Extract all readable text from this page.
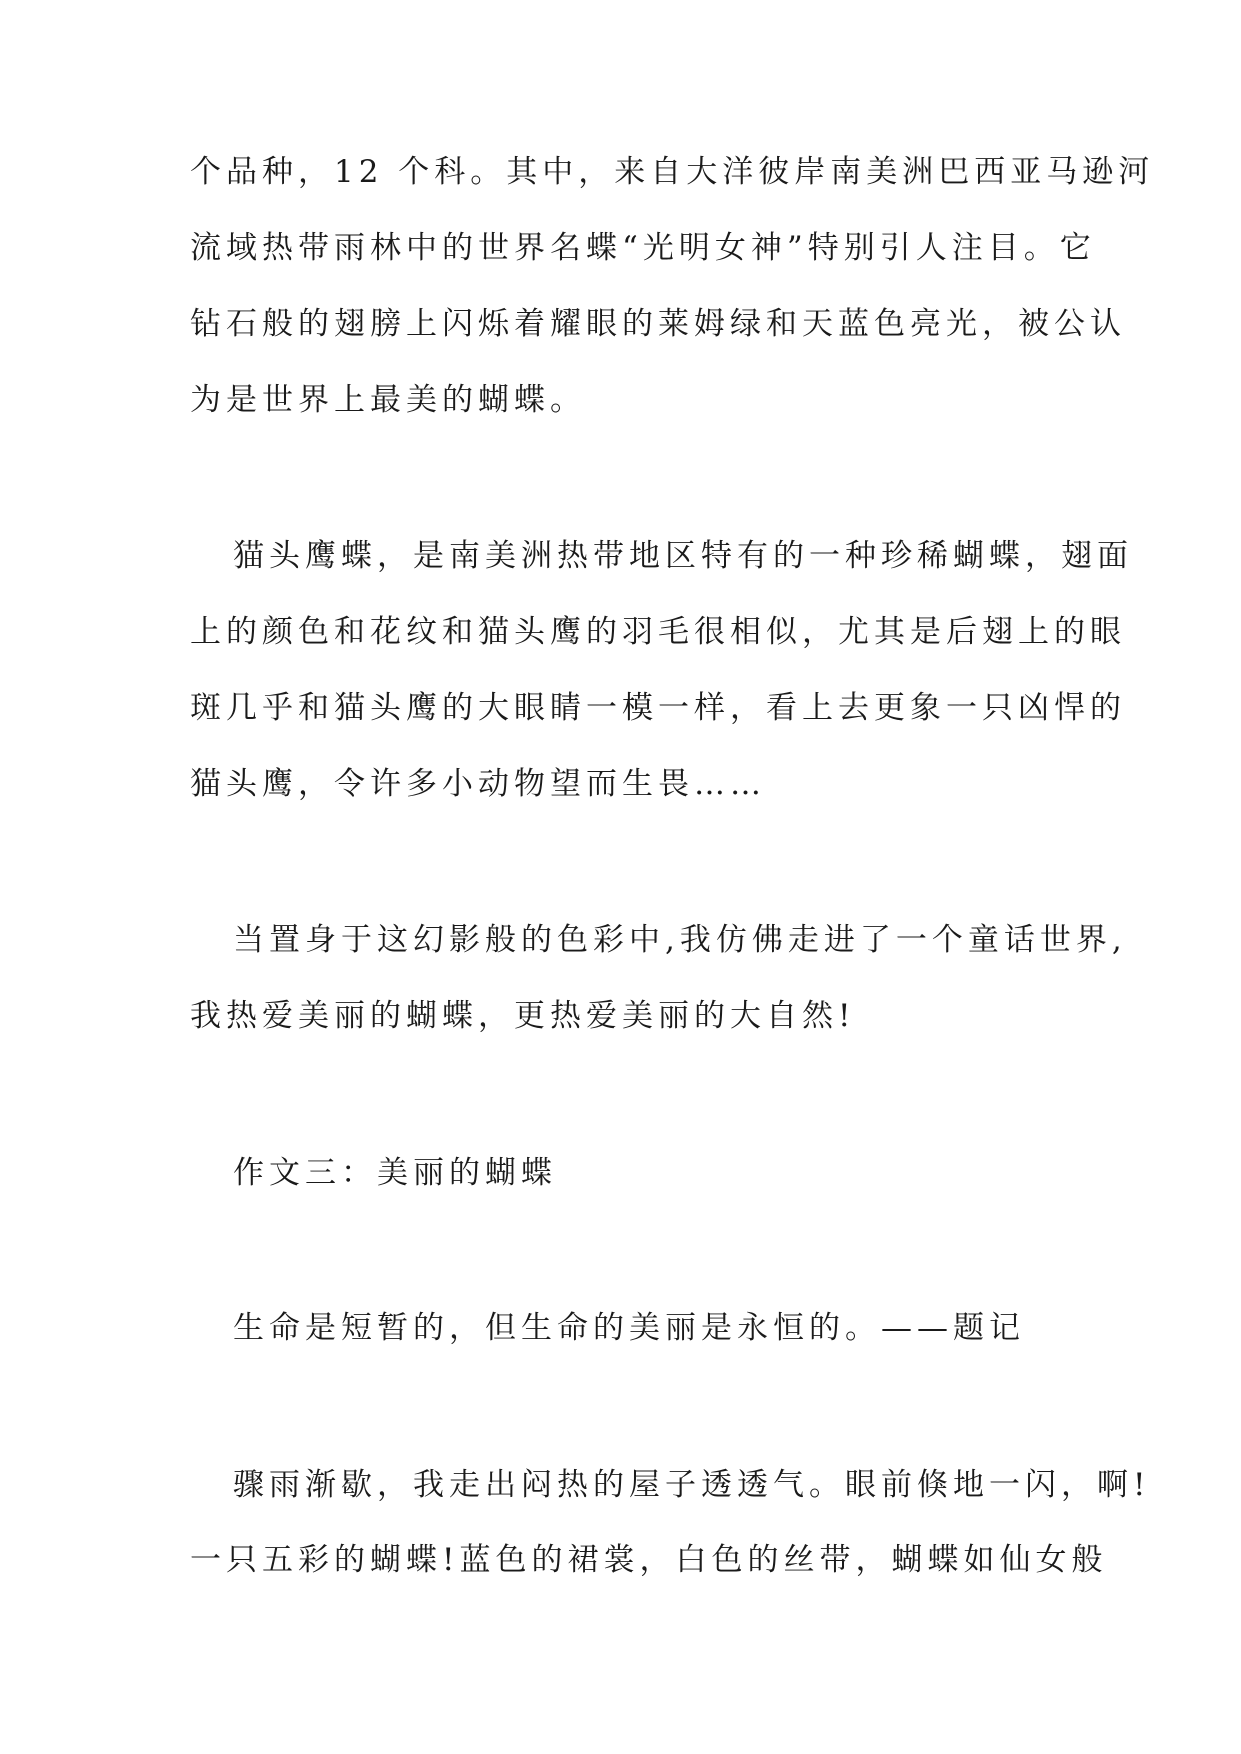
个品种，12 个科。其中，来自大洋彼岸南美洲巴西亚马逊河
流域热带雨林中的世界名蝶“光明女神”特别引人注目。它
钻石般的翅膀上闪烁着耀眼的莱姆绿和天蓝色亮光，被公认
为是世界上最美的蝴蝶。
猫头鹰蝶，是南美洲热带地区特有的一种珍稀蝴蝶，翅面
上的颜色和花纹和猫头鹰的羽毛很相似，尤其是后翅上的眼
斑几乎和猫头鹰的大眼睛一模一样，看上去更象一只凶悍的
猫头鹰，令许多小动物望而生畏……
当置身于这幻影般的色彩中,我仿佛走进了一个童话世界,
我热爱美丽的蝴蝶，更热爱美丽的大自然!
作文三：美丽的蝴蝶
生命是短暂的，但生命的美丽是永恒的。——题记
骤雨渐歇，我走出闷热的屋子透透气。眼前倏地一闪，啊!
一只五彩的蝴蝶!蓝色的裙裳，白色的丝带，蝴蝶如仙女般
